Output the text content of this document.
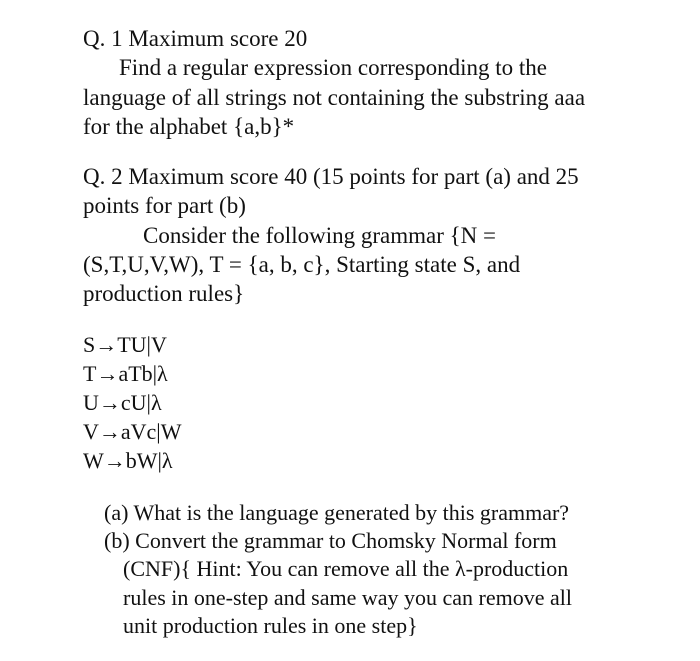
Q. 1 Maximum score 20
Find a regular expression corresponding to the
language of all strings not containing the substring aaa
for the alphabet {a,b}*
Q. 2 Maximum score 40 (15 points for part (a) and 25
points for part (b)
Consider the following grammar {N =
(S,T,U,V,W), T = {a, b, c}, Starting state S, and
production rules}
S→TU|V
T→aTb|λ
U→cU|λ
V→aVc|W
W→bW|λ
(a) What is the language generated by this grammar?
(b) Convert the grammar to Chomsky Normal form
(CNF){ Hint: You can remove all the λ-production
rules in one-step and same way you can remove all
unit production rules in one step}
